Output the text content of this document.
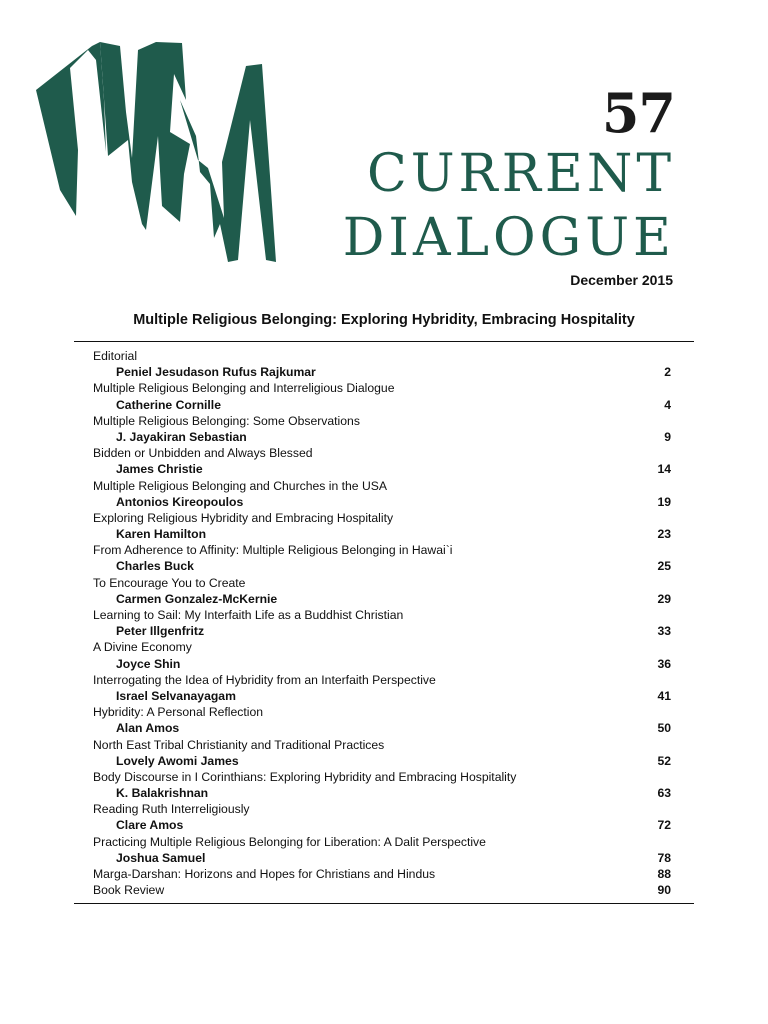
57
CURRENT
DIALOGUE
December 2015
Multiple Religious Belonging: Exploring Hybridity, Embracing Hospitality
Editorial
Peniel Jesudason Rufus Rajkumar	2
Multiple Religious Belonging and Interreligious Dialogue
Catherine Cornille	4
Multiple Religious Belonging: Some Observations
J. Jayakiran Sebastian	9
Bidden or Unbidden and Always Blessed
James Christie	14
Multiple Religious Belonging and Churches in the USA
Antonios Kireopoulos	19
Exploring Religious Hybridity and Embracing Hospitality
Karen Hamilton	23
From Adherence to Affinity: Multiple Religious Belonging in Hawai`i
Charles Buck	25
To Encourage You to Create
Carmen Gonzalez-McKernie	29
Learning to Sail: My Interfaith Life as a Buddhist Christian
Peter Illgenfritz	33
A Divine Economy
Joyce Shin	36
Interrogating the Idea of Hybridity from an Interfaith Perspective
Israel Selvanayagam	41
Hybridity: A Personal Reflection
Alan Amos	50
North East Tribal Christianity and Traditional Practices
Lovely Awomi James	52
Body Discourse in I Corinthians: Exploring Hybridity and Embracing Hospitality
K. Balakrishnan	63
Reading Ruth Interreligiously
Clare Amos	72
Practicing Multiple Religious Belonging for Liberation: A Dalit Perspective
Joshua Samuel	78
Marga-Darshan: Horizons and Hopes for Christians and Hindus	88
Book Review	90
